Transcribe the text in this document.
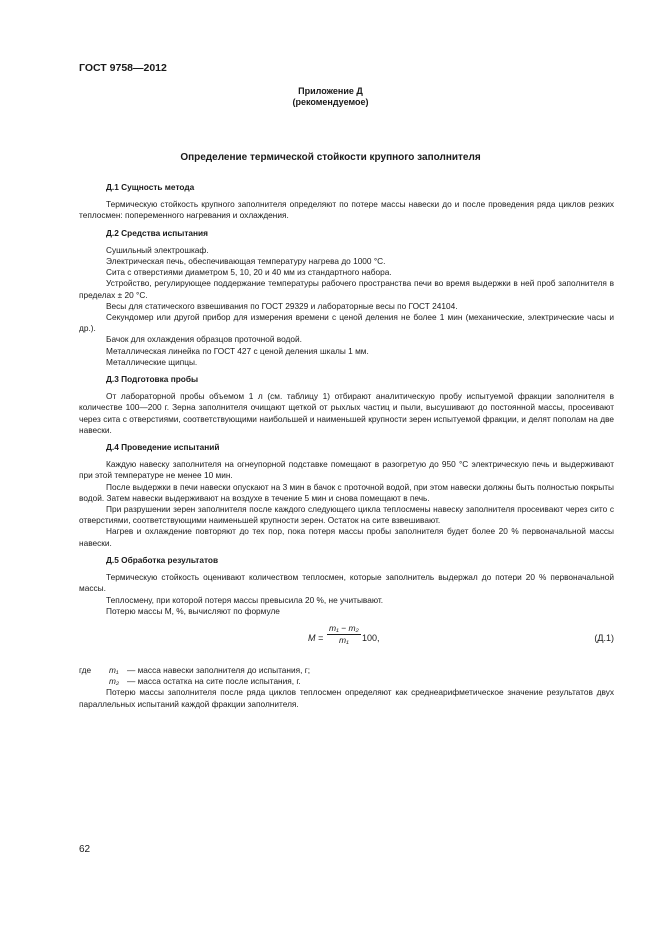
ГОСТ 9758—2012
Приложение Д
(рекомендуемое)
Определение термической стойкости крупного заполнителя

Д.1 Сущность метода

Термическую стойкость крупного заполнителя определяют по потере массы навески до и после проведения ряда циклов резких теплосмен: попеременного нагревания и охлаждения.

Д.2 Средства испытания

Сушильный электрошкаф.

Электрическая печь, обеспечивающая температуру нагрева до 1000 °С.

Сита с отверстиями диаметром 5, 10, 20 и 40 мм из стандартного набора.

Устройство, регулирующее поддержание температуры рабочего пространства печи во время выдержки в ней проб заполнителя в пределах ± 20 °С.

Весы для статического взвешивания по ГОСТ 29329 и лабораторные весы по ГОСТ 24104.

Секундомер или другой прибор для измерения времени с ценой деления не более 1 мин (механические, электрические часы и др.).

Бачок для охлаждения образцов проточной водой.

Металлическая линейка по ГОСТ 427 с ценой деления шкалы 1 мм.

Металлические щипцы.

Д.3 Подготовка пробы

От лабораторной пробы объемом 1 л (см. таблицу 1) отбирают аналитическую пробу испытуемой фракции заполнителя в количестве 100—200 г. Зерна заполнителя очищают щеткой от рыхлых частиц и пыли, высушивают до постоянной массы, просеивают через сита с отверстиями, соответствующими наибольшей и наименьшей крупности зерен испытуемой фракции, и делят пополам на две навески.

Д.4 Проведение испытаний

Каждую навеску заполнителя на огнеупорной подставке помещают в разогретую до 950 °С электрическую печь и выдерживают при этой температуре не менее 10 мин.

После выдержки в печи навески опускают на 3 мин в бачок с проточной водой, при этом навески должны быть полностью покрыты водой. Затем навески выдерживают на воздухе в течение 5 мин и снова помещают в печь.

При разрушении зерен заполнителя после каждого следующего цикла теплосмены навеску заполнителя просеивают через сито с отверстиями, соответствующими наименьшей крупности зерен. Остаток на сите взвешивают.

Нагрев и охлаждение повторяют до тех пор, пока потеря массы пробы заполнителя будет более 20 % первоначальной массы навески.

Д.5 Обработка результатов

Термическую стойкость оценивают количеством теплосмен, которые заполнитель выдержал до потери 20 % первоначальной массы.

Теплосмену, при которой потеря массы превысила 20 %, не учитывают.

Потерю массы M, %, вычисляют по формуле

$M = \frac{\text{m₁ − m₂}}{\text{m₁}} 100$,	(Д.1)
где	m₁	— масса навески заполнителя до испытания, г;
m₂ — масса остатка на сите после испытания, г.

Потерю массы заполнителя после ряда циклов теплосмен определяют как среднеарифметическое значение результатов двух параллельных испытаний каждой фракции заполнителя.

62
